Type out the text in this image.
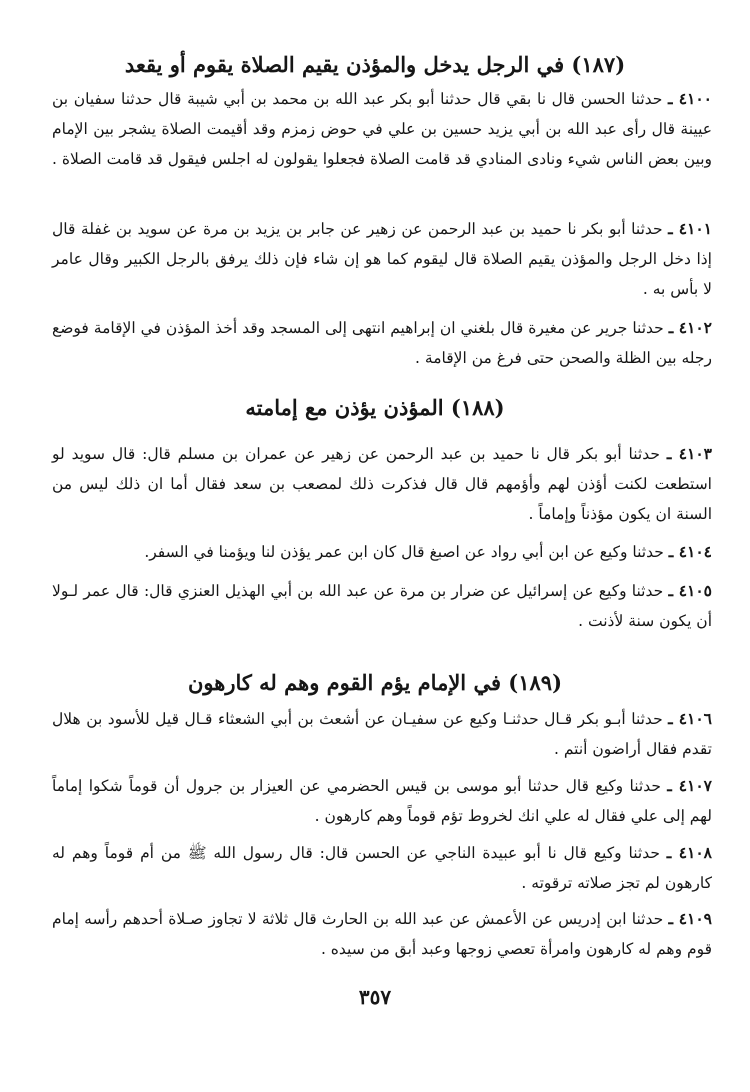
(١٨٧) في الرجل يدخل والمؤذن يقيم الصلاة يقوم أو يقعد
٤١٠٠ ـ حدثنا الحسن قال نا بقي قال حدثنا أبو بكر عبد الله بن محمد بن أبي شيبة قال حدثنا سفيان بن عيينة قال رأى عبد الله بن أبي يزيد حسين بن علي في حوض زمزم وقد أقيمت الصلاة يشجر بين الإمام وبين بعض الناس شيء ونادى المنادي قد قامت الصلاة فجعلوا يقولون له اجلس فيقول قد قامت الصلاة .
٤١٠١ ـ حدثنا أبو بكر نا حميد بن عبد الرحمن عن زهير عن جابر بن يزيد بن مرة عن سويد بن غفلة قال إذا دخل الرجل والمؤذن يقيم الصلاة قال ليقوم كما هو إن شاء فإن ذلك يرفق بالرجل الكبير وقال عامر لا بأس به .
٤١٠٢ ـ حدثنا جرير عن مغيرة قال بلغني ان إبراهيم انتهى إلى المسجد وقد أخذ المؤذن في الإقامة فوضع رجله بين الظلة والصحن حتى فرغ من الإقامة .
(١٨٨) المؤذن يؤذن مع إمامته
٤١٠٣ ـ حدثنا أبو بكر قال نا حميد بن عبد الرحمن عن زهير عن عمران بن مسلم قال: قال سويد لو استطعت لكنت أؤذن لهم وأؤمهم قال قال فذكرت ذلك لمصعب بن سعد فقال أما ان ذلك ليس من السنة ان يكون مؤذناً وإماماً .
٤١٠٤ ـ حدثنا وكيع عن ابن أبي رواد عن اصبغ قال كان ابن عمر يؤذن لنا ويؤمنا في السفر.
٤١٠٥ ـ حدثنا وكيع عن إسرائيل عن ضرار بن مرة عن عبد الله بن أبي الهذيل العنزي قال: قال عمر لـولا أن يكون سنة لأذنت .
(١٨٩) في الإمام يؤم القوم وهم له كارهون
٤١٠٦ ـ حدثنا أبـو بكر قـال حدثنـا وكيع عن سفيـان عن أشعث بن أبي الشعثاء قـال قيل للأسود بن هلال تقدم فقال أراضون أنتم .
٤١٠٧ ـ حدثنا وكيع قال حدثنا أبو موسى بن قيس الحضرمي عن العيزار بن جرول أن قوماً شكوا إماماً لهم إلى علي فقال له علي انك لخروط تؤم قوماً وهم كارهون .
٤١٠٨ ـ حدثنا وكيع قال نا أبو عبيدة الناجي عن الحسن قال: قال رسول الله ﷺ من أم قوماً وهم له كارهون لم تجز صلاته ترقوته .
٤١٠٩ ـ حدثنا ابن إدريس عن الأعمش عن عبد الله بن الحارث قال ثلاثة لا تجاوز صـلاة أحدهم رأسه إمام قوم وهم له كارهون وامرأة تعصي زوجها وعبد أبق من سيده .
٣٥٧
